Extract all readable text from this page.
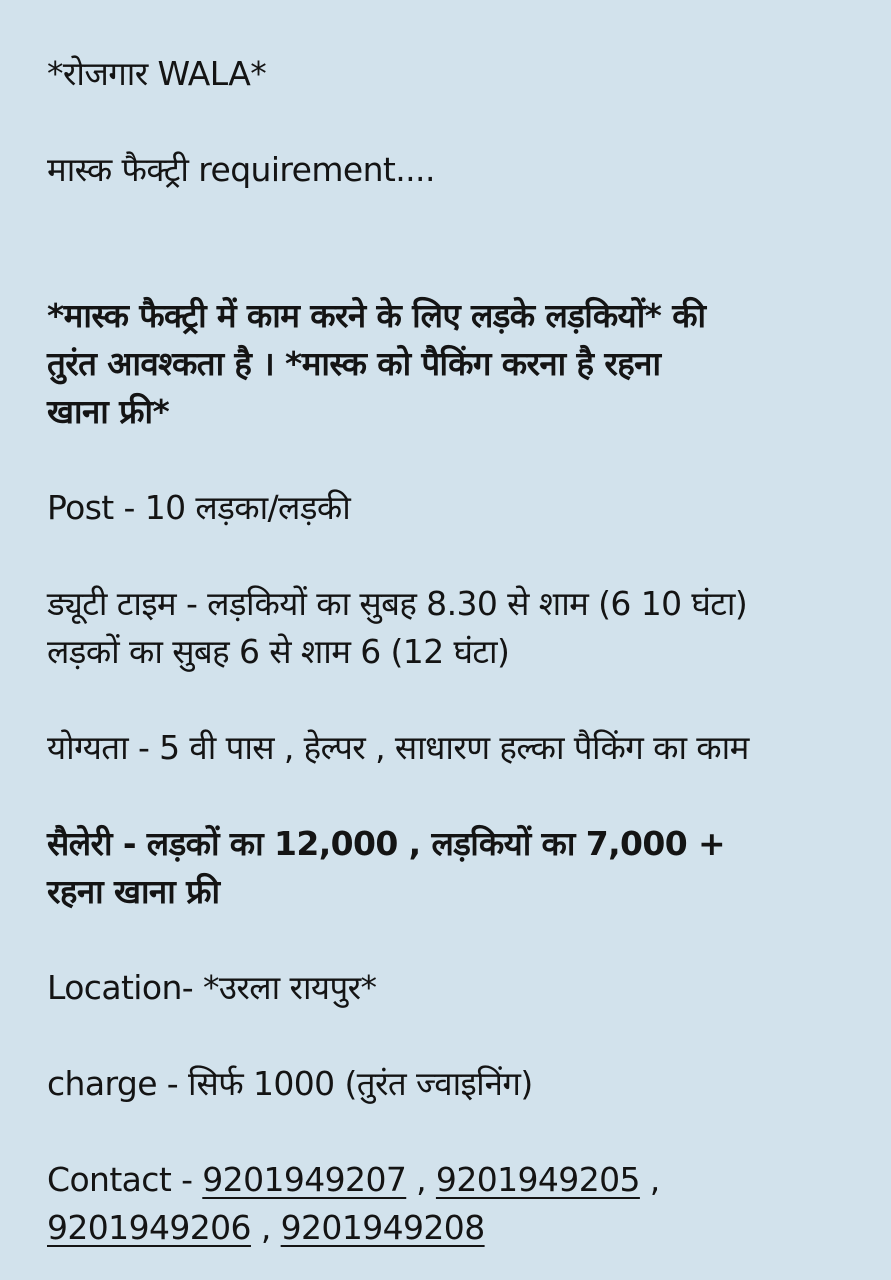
*रोजगार WALA*
मास्क फैक्ट्री requirement....
*मास्क फैक्ट्री में काम करने के लिए लड़के लड़कियों* की
तुरंत आवश्कता है । *मास्क को पैकिंग करना है रहना
खाना फ्री*
Post - 10 लड़का/लड़की
ड्यूटी टाइम - लड़कियों का सुबह 8.30 से शाम (6 10 घंटा)
लड़कों का सुबह 6 से शाम 6 (12 घंटा)
योग्यता - 5 वी पास , हेल्पर , साधारण हल्का पैकिंग का काम
सैलेरी - लड़कों का 12,000 , लड़कियों का 7,000 +
रहना खाना फ्री
Location- *उरला रायपुर*
charge - सिर्फ 1000 (तुरंत ज्वाइनिंग)
Contact - 9201949207 , 9201949205 ,
9201949206 , 9201949208
